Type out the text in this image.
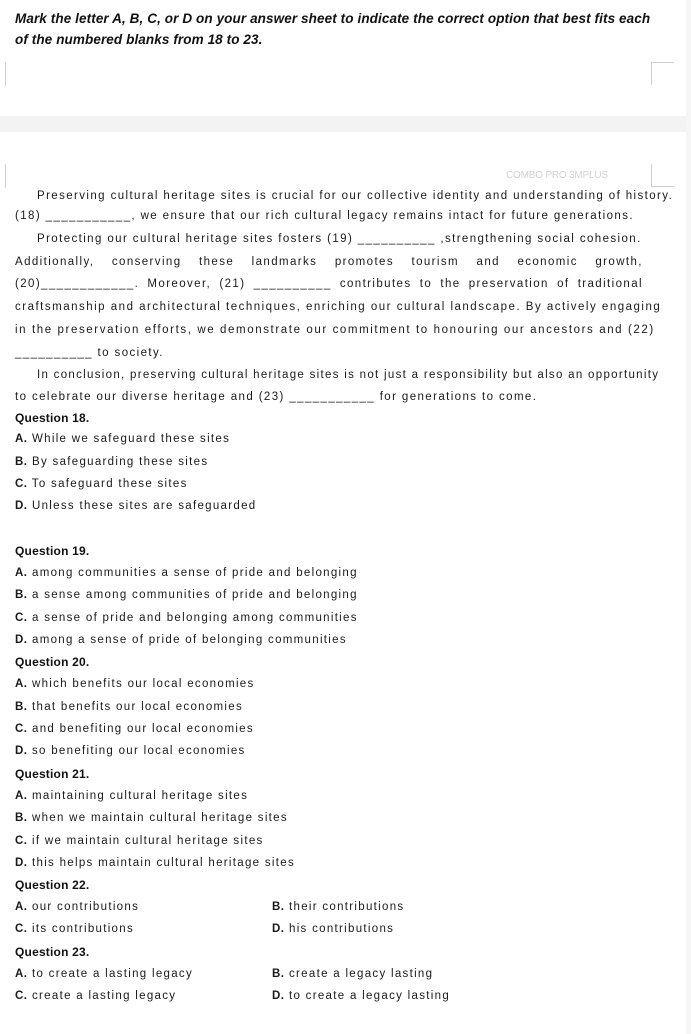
Mark the letter A, B, C, or D on your answer sheet to indicate the correct option that best fits each of the numbered blanks from 18 to 23.
COMBO PRO 3MPLUS
Preserving cultural heritage sites is crucial for our collective identity and understanding of history.
(18) ___________, we ensure that our rich cultural legacy remains intact for future generations.
Protecting our cultural heritage sites fosters (19) __________ ,strengthening social cohesion.
Additionally, conserving these landmarks promotes tourism and economic growth,
(20)____________. Moreover, (21) __________ contributes to the preservation of traditional
craftsmanship and architectural techniques, enriching our cultural landscape. By actively engaging
in the preservation efforts, we demonstrate our commitment to honouring our ancestors and (22)
__________ to society.
In conclusion, preserving cultural heritage sites is not just a responsibility but also an opportunity
to celebrate our diverse heritage and (23) ___________ for generations to come.
Question 18.
A. While we safeguard these sites
B. By safeguarding these sites
C. To safeguard these sites
D. Unless these sites are safeguarded
Question 19.
A. among communities a sense of pride and belonging
B. a sense among communities of pride and belonging
C. a sense of pride and belonging among communities
D. among a sense of pride of belonging communities
Question 20.
A. which benefits our local economies
B. that benefits our local economies
C. and benefiting our local economies
D. so benefiting our local economies
Question 21.
A. maintaining cultural heritage sites
B. when we maintain cultural heritage sites
C. if we maintain cultural heritage sites
D. this helps maintain cultural heritage sites
Question 22.
A. our contributions	B. their contributions
C. its contributions	D. his contributions
Question 23.
A. to create a lasting legacy	B. create a legacy lasting
C. create a lasting legacy	D. to create a legacy lasting
